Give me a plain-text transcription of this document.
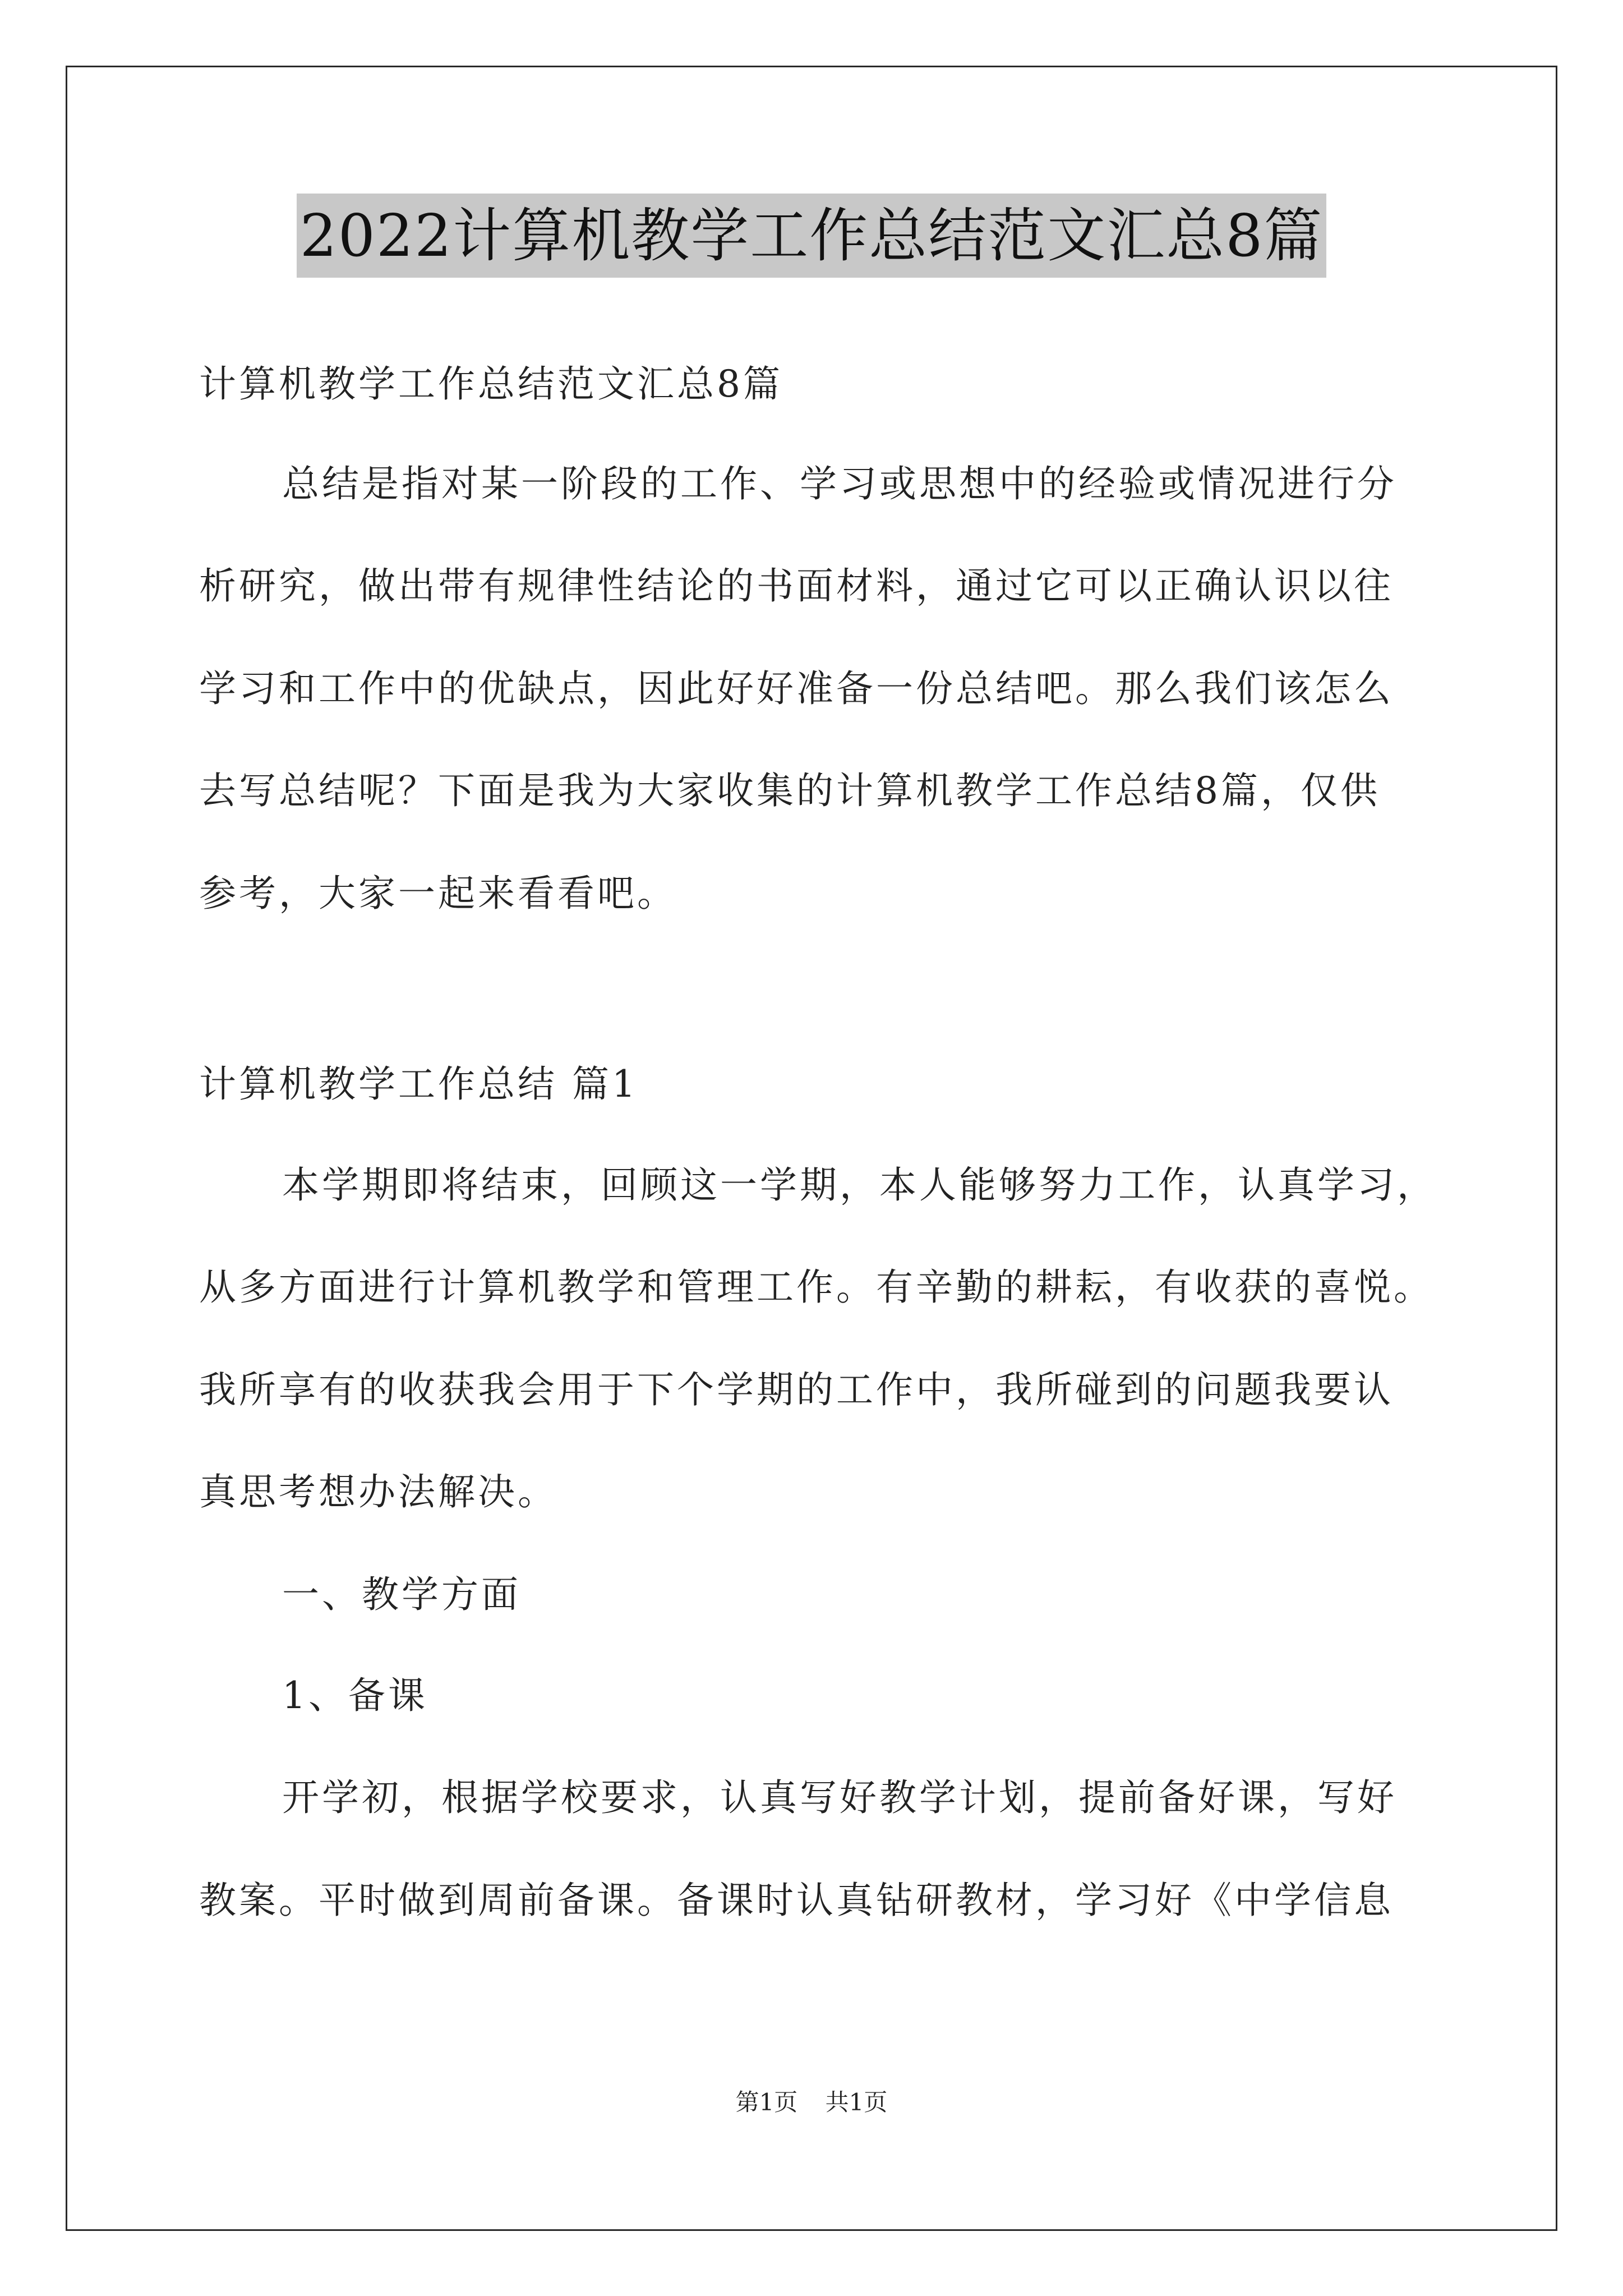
2022计算机教学工作总结范文汇总8篇
计算机教学工作总结范文汇总8篇
总结是指对某一阶段的工作、学习或思想中的经验或情况进行分
析研究，做出带有规律性结论的书面材料，通过它可以正确认识以往
学习和工作中的优缺点，因此好好准备一份总结吧。那么我们该怎么
去写总结呢？下面是我为大家收集的计算机教学工作总结8篇，仅供
参考，大家一起来看看吧。
计算机教学工作总结 篇1
本学期即将结束，回顾这一学期，本人能够努力工作，认真学习，
从多方面进行计算机教学和管理工作。有辛勤的耕耘，有收获的喜悦。
我所享有的收获我会用于下个学期的工作中，我所碰到的问题我要认
真思考想办法解决。
一、教学方面
1、备课
开学初，根据学校要求，认真写好教学计划，提前备好课，写好
教案。平时做到周前备课。备课时认真钻研教材，学习好《中学信息
第1页 共1页
